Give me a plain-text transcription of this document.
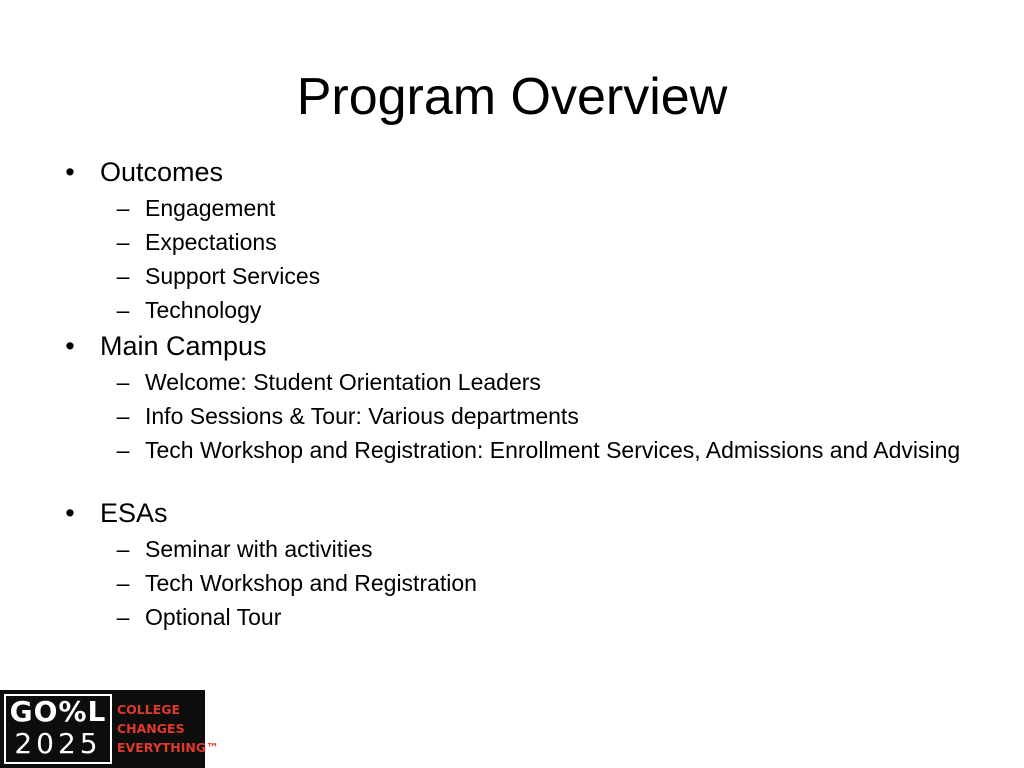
Program Overview
• Outcomes
– Engagement
– Expectations
– Support Services
– Technology
• Main Campus
– Welcome: Student Orientation Leaders
– Info Sessions & Tour: Various departments
– Tech Workshop and Registration: Enrollment Services, Admissions and Advising
• ESAs
– Seminar with activities
– Tech Workshop and Registration
– Optional Tour
GO%L
2025
COLLEGE
CHANGES
EVERYTHING™
